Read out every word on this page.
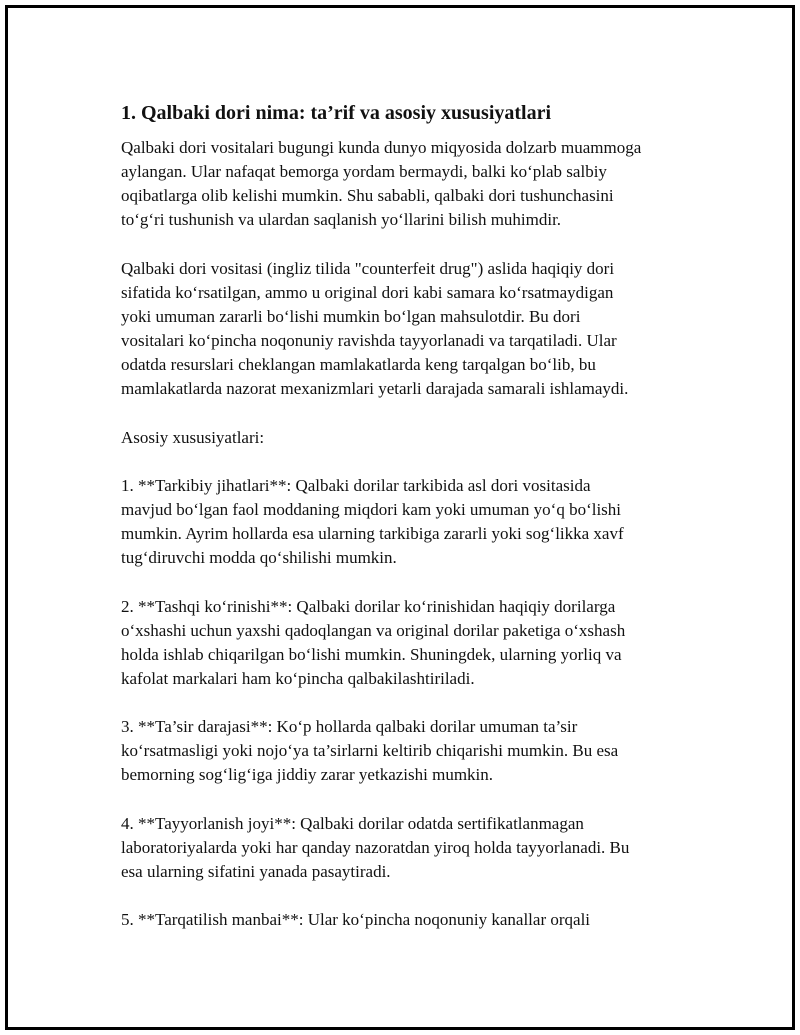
1. Qalbaki dori nima: ta’rif va asosiy xususiyatlari
Qalbaki dori vositalari bugungi kunda dunyo miqyosida dolzarb muammoga
aylangan. Ular nafaqat bemorga yordam bermaydi, balki ko‘plab salbiy
oqibatlarga olib kelishi mumkin. Shu sababli, qalbaki dori tushunchasini
to‘g‘ri tushunish va ulardan saqlanish yo‘llarini bilish muhimdir.
Qalbaki dori vositasi (ingliz tilida "counterfeit drug") aslida haqiqiy dori
sifatida ko‘rsatilgan, ammo u original dori kabi samara ko‘rsatmaydigan
yoki umuman zararli bo‘lishi mumkin bo‘lgan mahsulotdir. Bu dori
vositalari ko‘pincha noqonuniy ravishda tayyorlanadi va tarqatiladi. Ular
odatda resurslari cheklangan mamlakatlarda keng tarqalgan bo‘lib, bu
mamlakatlarda nazorat mexanizmlari yetarli darajada samarali ishlamaydi.
Asosiy xususiyatlari:
1. **Tarkibiy jihatlari**: Qalbaki dorilar tarkibida asl dori vositasida
mavjud bo‘lgan faol moddaning miqdori kam yoki umuman yo‘q bo‘lishi
mumkin. Ayrim hollarda esa ularning tarkibiga zararli yoki sog‘likka xavf
tug‘diruvchi modda qo‘shilishi mumkin.
2. **Tashqi ko‘rinishi**: Qalbaki dorilar ko‘rinishidan haqiqiy dorilarga
o‘xshashi uchun yaxshi qadoqlangan va original dorilar paketiga o‘xshash
holda ishlab chiqarilgan bo‘lishi mumkin. Shuningdek, ularning yorliq va
kafolat markalari ham ko‘pincha qalbakilashtiriladi.
3. **Ta’sir darajasi**: Ko‘p hollarda qalbaki dorilar umuman ta’sir
ko‘rsatmasligi yoki nojo‘ya ta’sirlarni keltirib chiqarishi mumkin. Bu esa
bemorning sog‘lig‘iga jiddiy zarar yetkazishi mumkin.
4. **Tayyorlanish joyi**: Qalbaki dorilar odatda sertifikatlanmagan
laboratoriyalarda yoki har qanday nazoratdan yiroq holda tayyorlanadi. Bu
esa ularning sifatini yanada pasaytiradi.
5. **Tarqatilish manbai**: Ular ko‘pincha noqonuniy kanallar orqali
